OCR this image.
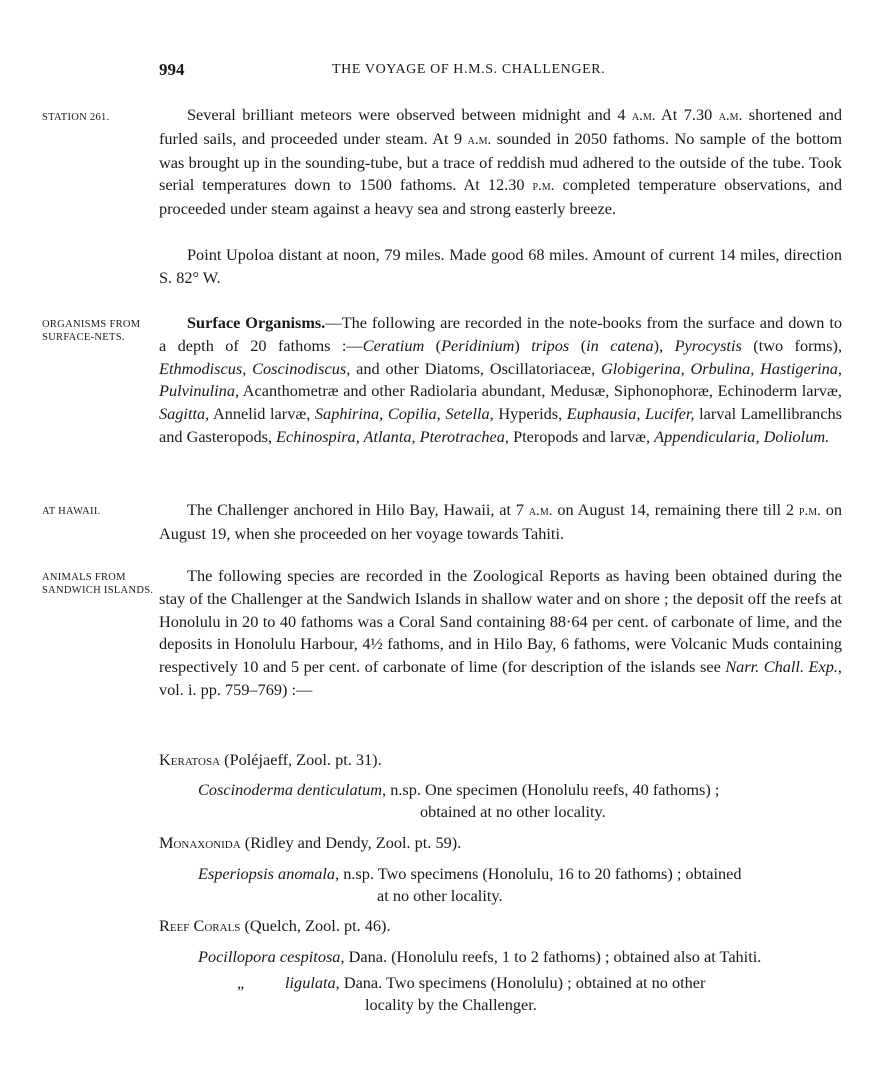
994	THE VOYAGE OF H.M.S. CHALLENGER.
STATION 261.	Several brilliant meteors were observed between midnight and 4 a.m. At 7.30 a.m. shortened and furled sails, and proceeded under steam. At 9 a.m. sounded in 2050 fathoms. No sample of the bottom was brought up in the sounding-tube, but a trace of reddish mud adhered to the outside of the tube. Took serial temperatures down to 1500 fathoms. At 12.30 p.m. completed temperature observations, and proceeded under steam against a heavy sea and strong easterly breeze.
Point Upoloa distant at noon, 79 miles. Made good 68 miles. Amount of current 14 miles, direction S. 82° W.
ORGANISMS FROM SURFACE-NETS.
Surface Organisms.—The following are recorded in the note-books from the surface and down to a depth of 20 fathoms :—Ceratium (Peridinium) tripos (in catena), Pyrocystis (two forms), Ethmodiscus, Coscinodiscus, and other Diatoms, Oscillatoriaceæ, Globigerina, Orbulina, Hastigerina, Pulvinulina, Acanthometræ and other Radiolaria abundant, Medusæ, Siphonophoræ, Echinoderm larvæ, Sagitta, Annelid larvæ, Saphirina, Copilia, Setella, Hyperids, Euphausia, Lucifer, larval Lamellibranchs and Gasteropods, Echinospira, Atlanta, Pterotrachea, Pteropods and larvæ, Appendicularia, Doliolum.
AT HAWAII.	The Challenger anchored in Hilo Bay, Hawaii, at 7 a.m. on August 14, remaining there till 2 p.m. on August 19, when she proceeded on her voyage towards Tahiti.
ANIMALS FROM SANDWICH ISLANDS.
The following species are recorded in the Zoological Reports as having been obtained during the stay of the Challenger at the Sandwich Islands in shallow water and on shore ; the deposit off the reefs at Honolulu in 20 to 40 fathoms was a Coral Sand containing 88·64 per cent. of carbonate of lime, and the deposits in Honolulu Harbour, 4½ fathoms, and in Hilo Bay, 6 fathoms, were Volcanic Muds containing respectively 10 and 5 per cent. of carbonate of lime (for description of the islands see Narr. Chall. Exp., vol. i. pp. 759–769) :—
Keratosa (Poléjaeff, Zool. pt. 31).
Coscinoderma denticulatum, n.sp. One specimen (Honolulu reefs, 40 fathoms) ;
obtained at no other locality.
Monaxonida (Ridley and Dendy, Zool. pt. 59).
Esperiopsis anomala, n.sp. Two specimens (Honolulu, 16 to 20 fathoms) ; obtained
at no other locality.
Reef Corals (Quelch, Zool. pt. 46).
Pocillopora cespitosa, Dana. (Honolulu reefs, 1 to 2 fathoms) ; obtained also at Tahiti.
„	ligulata, Dana. Two specimens (Honolulu) ; obtained at no other
locality by the Challenger.
